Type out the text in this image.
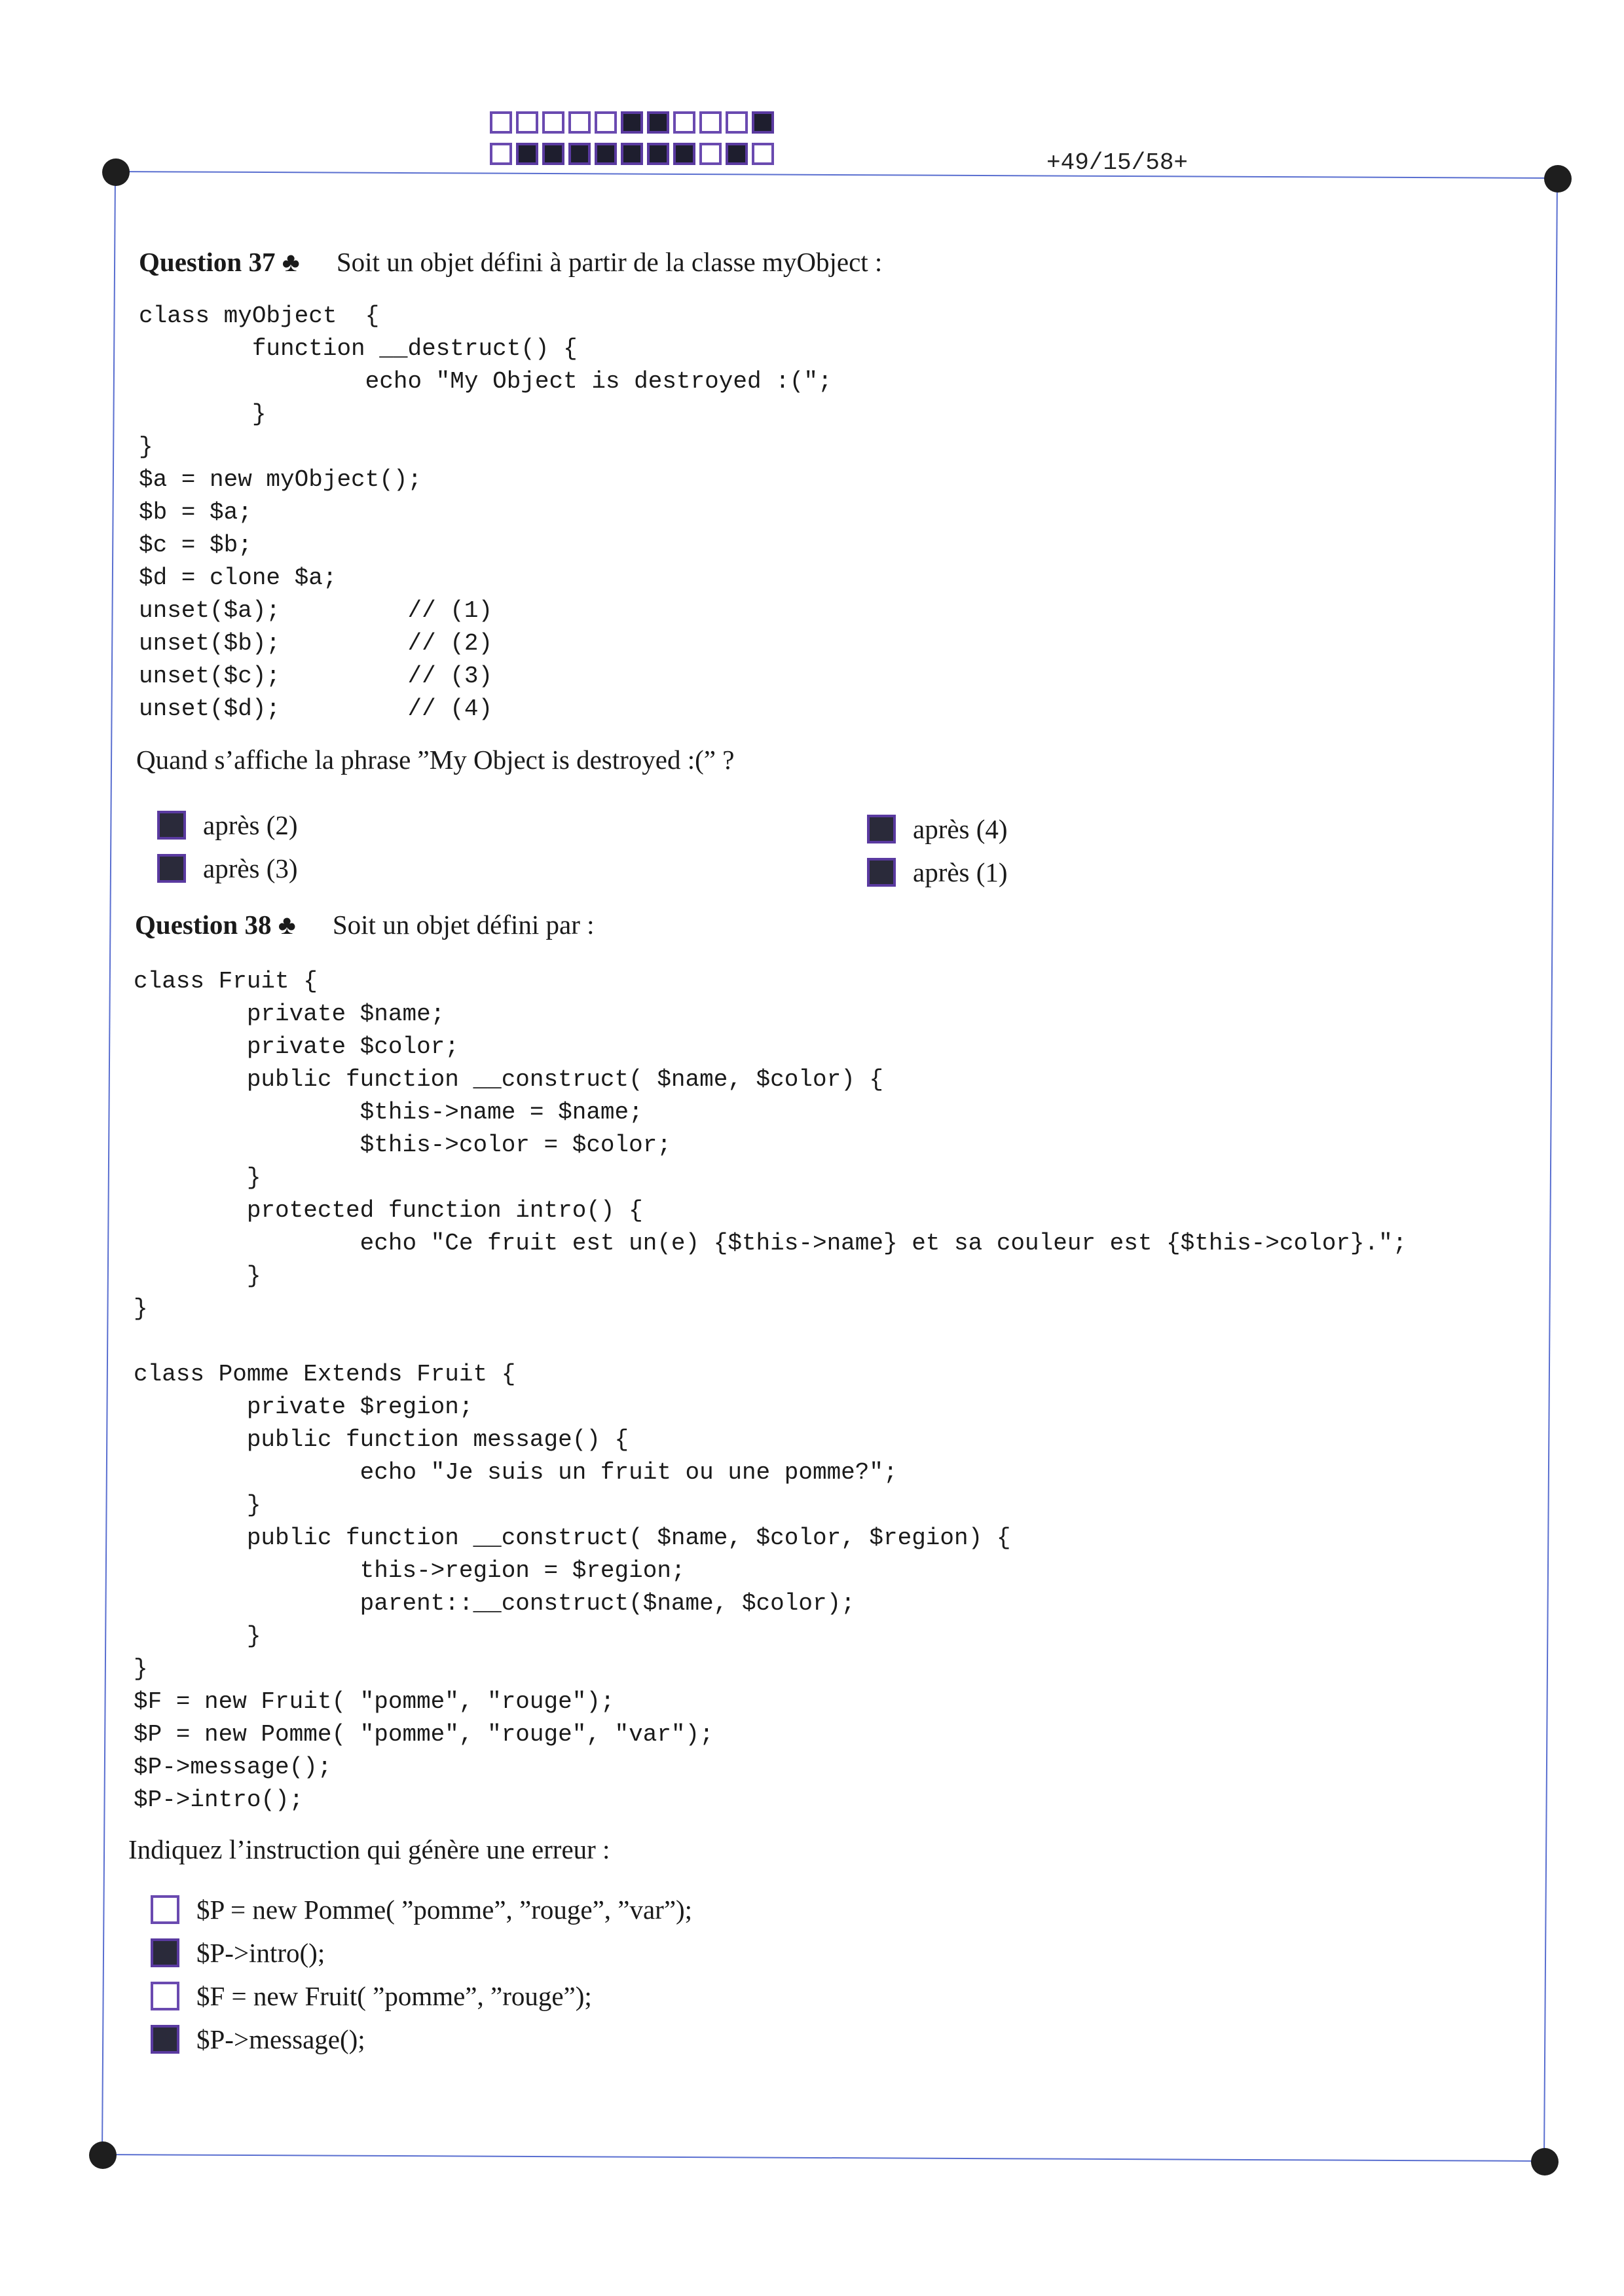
+49/15/58+
Question 37 ♣ Soit un objet défini à partir de la classe myObject :
class myObject  {
function __destruct() {
echo "My Object is destroyed :(";
}
}
$a = new myObject();
$b = $a;
$c = $b;
$d = clone $a;
unset($a);         // (1)
unset($b);         // (2)
unset($c);         // (3)
unset($d);         // (4)

Quand s’affiche la phrase ”My Object is destroyed :(” ?

après (2)
après (3)
après (4)
après (1)
Question 38 ♣ Soit un objet défini par :
class Fruit {
private $name;
private $color;
public function __construct( $name, $color) {
$this->name = $name;
$this->color = $color;
}
protected function intro() {
echo "Ce fruit est un(e) {$this->name} et sa couleur est {$this->color}.";
}
}

class Pomme Extends Fruit {
private $region;
public function message() {
echo "Je suis un fruit ou une pomme?";
}
public function __construct( $name, $color, $region) {
this->region = $region;
parent::__construct($name, $color);
}
}
$F = new Fruit( "pomme", "rouge");
$P = new Pomme( "pomme", "rouge", "var");
$P->message();
$P->intro();

Indiquez l’instruction qui génère une erreur :

$P = new Pomme( ”pomme”, ”rouge”, ”var”);
$P->intro();
$F = new Fruit( ”pomme”, ”rouge”);
$P->message();
